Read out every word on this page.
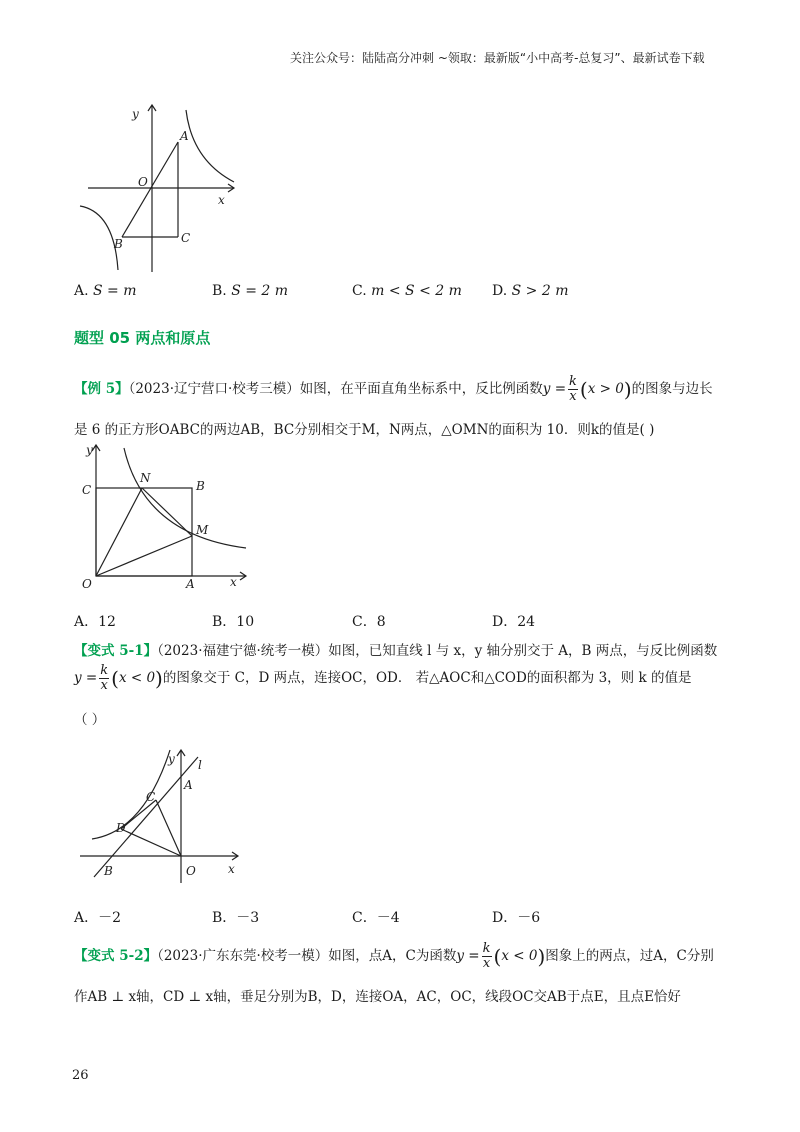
关注公众号：陆陆高分冲刺 ~领取：最新版“小中高考-总复习”、最新试卷下载
y
x
O
A
B	C
A. S = m	B. S = 2 m	C. m < S < 2 m D. S > 2 m
题型 05 两点和原点
【例 5】（2023·辽宁营口·校考三模）如图，在平面直角坐标系中，反比例函数$y = \frac{k}{x} (x > 0)$的图象与边长
是 6 的正方形OABC的两边AB，BC分别相交于M，N两点，△OMN的面积为 10．则k的值是( )
y
x
O	A
B
C
N
M
A．12	B．10	C．8	D．24
【变式 5-1】（2023·福建宁德·统考一模）如图，已知直线 l 与 x，y 轴分别交于 A，B 两点，与反比例函数
$y = \frac{k}{x} (x < 0)$的图象交于 C，D 两点，连接OC，OD． 若△AOC和△COD的面积都为 3，则 k 的值是
（ ）
y
x
l
A
B
C
D
O
A．－2	B．－3	C．－4	D．－6
【变式 5-2】（2023·广东东莞·校考一模）如图，点A，C为函数$y = \frac{k}{x} (x < 0)$图象上的两点，过A，C分别
作AB ⊥ x轴，CD ⊥ x轴，垂足分别为B，D，连接OA，AC，OC，线段OC交AB于点E，且点E恰好
26
